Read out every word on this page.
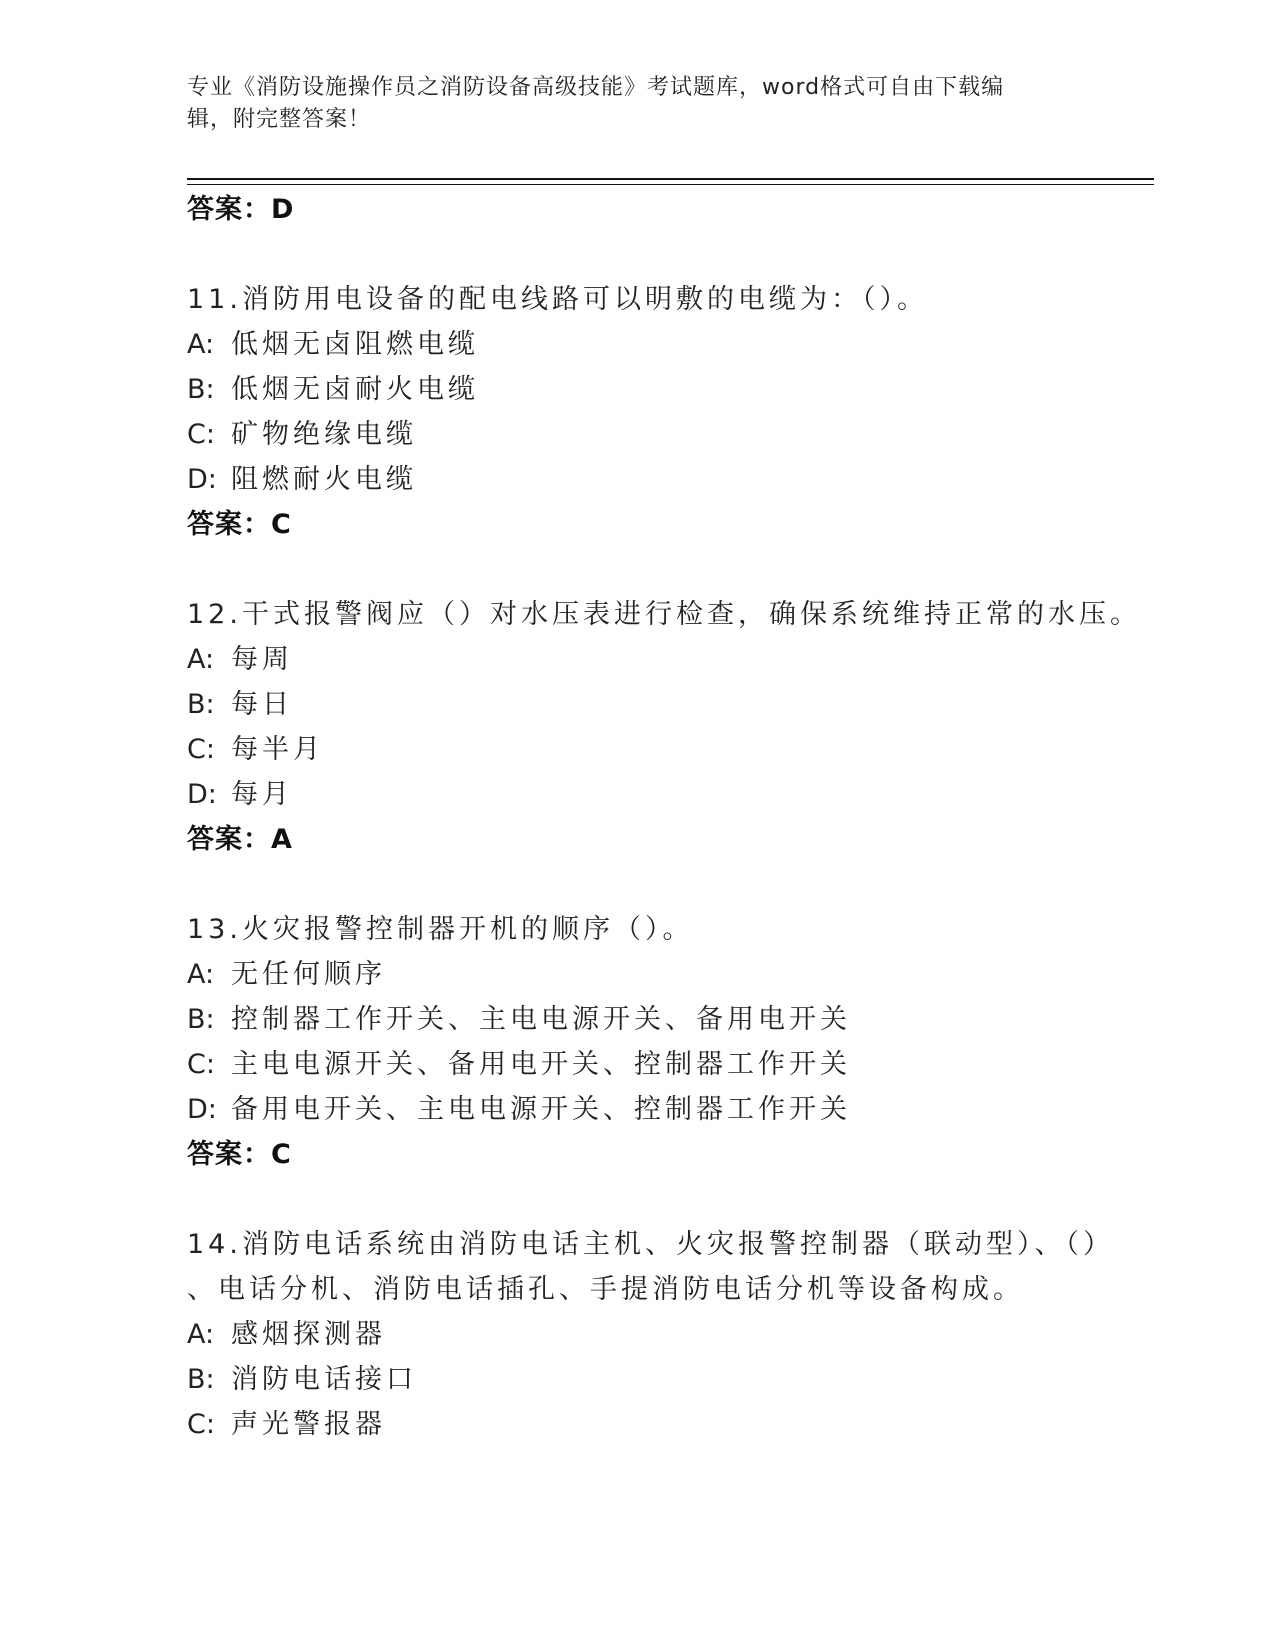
专业《消防设施操作员之消防设备高级技能》考试题库，word格式可自由下载编
辑，附完整答案！
答案：D
11.消防用电设备的配电线路可以明敷的电缆为：（）。
A: 低烟无卤阻燃电缆
B: 低烟无卤耐火电缆
C: 矿物绝缘电缆
D: 阻燃耐火电缆
答案：C
12.干式报警阀应（）对水压表进行检查，确保系统维持正常的水压。
A: 每周
B: 每日
C: 每半月
D: 每月
答案：A
13.火灾报警控制器开机的顺序（）。
A: 无任何顺序
B: 控制器工作开关、主电电源开关、备用电开关
C: 主电电源开关、备用电开关、控制器工作开关
D: 备用电开关、主电电源开关、控制器工作开关
答案：C
14.消防电话系统由消防电话主机、火灾报警控制器（联动型）、（）
、电话分机、消防电话插孔、手提消防电话分机等设备构成。
A: 感烟探测器
B: 消防电话接口
C: 声光警报器
